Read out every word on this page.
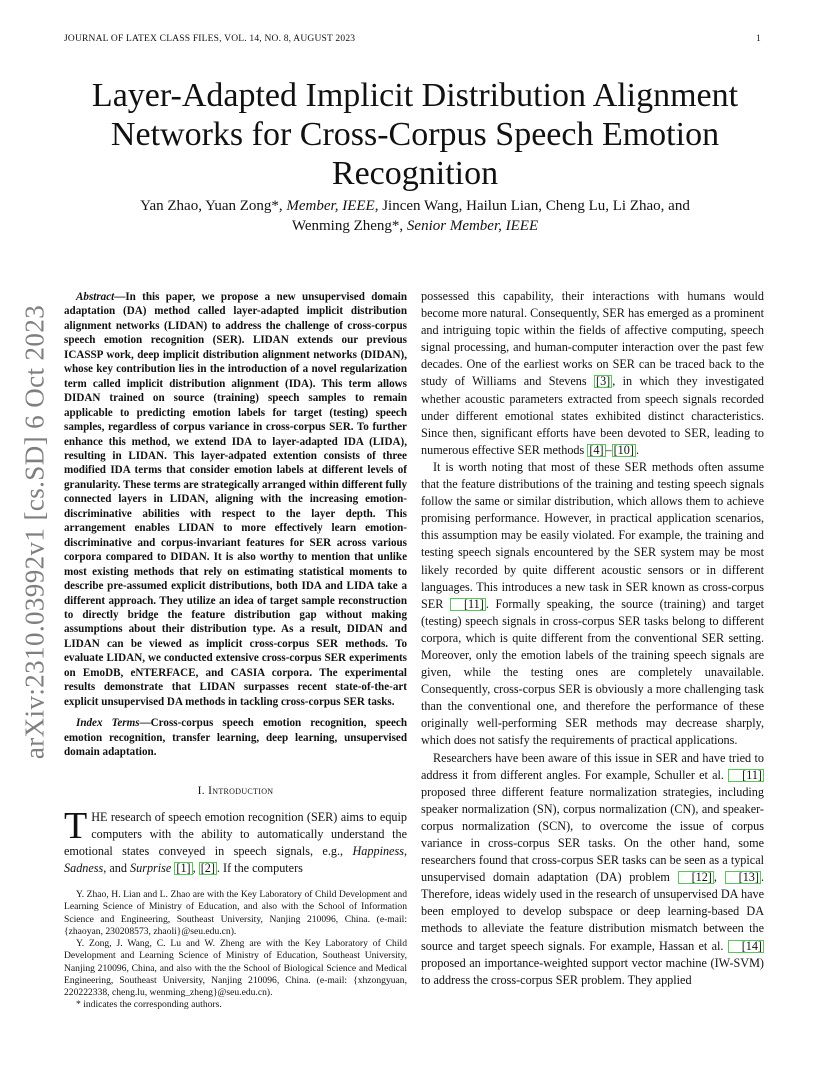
JOURNAL OF LATEX CLASS FILES, VOL. 14, NO. 8, AUGUST 2023	1
arXiv:2310.03992v1 [cs.SD] 6 Oct 2023
Layer-Adapted Implicit Distribution Alignment Networks for Cross-Corpus Speech Emotion Recognition
Yan Zhao, Yuan Zong*, Member, IEEE, Jincen Wang, Hailun Lian, Cheng Lu, Li Zhao, and
Wenming Zheng*, Senior Member, IEEE

Abstract—In this paper, we propose a new unsupervised domain adaptation (DA) method called layer-adapted implicit distribution alignment networks (LIDAN) to address the challenge of cross-corpus speech emotion recognition (SER). LIDAN extends our previous ICASSP work, deep implicit distribution alignment networks (DIDAN), whose key contribution lies in the introduction of a novel regularization term called implicit distribution alignment (IDA). This term allows DIDAN trained on source (training) speech samples to remain applicable to predicting emotion labels for target (testing) speech samples, regardless of corpus variance in cross-corpus SER. To further enhance this method, we extend IDA to layer-adapted IDA (LIDA), resulting in LIDAN. This layer-adpated extention consists of three modified IDA terms that consider emotion labels at different levels of granularity. These terms are strategically arranged within different fully connected layers in LIDAN, aligning with the increasing emotion-discriminative abilities with respect to the layer depth. This arrangement enables LIDAN to more effectively learn emotion-discriminative and corpus-invariant features for SER across various corpora compared to DIDAN. It is also worthy to mention that unlike most existing methods that rely on estimating statistical moments to describe pre-assumed explicit distributions, both IDA and LIDA take a different approach. They utilize an idea of target sample reconstruction to directly bridge the feature distribution gap without making assumptions about their distribution type. As a result, DIDAN and LIDAN can be viewed as implicit cross-corpus SER methods. To evaluate LIDAN, we conducted extensive cross-corpus SER experiments on EmoDB, eNTERFACE, and CASIA corpora. The experimental results demonstrate that LIDAN surpasses recent state-of-the-art explicit unsupervised DA methods in tackling cross-corpus SER tasks.

Index Terms—Cross-corpus speech emotion recognition, speech emotion recognition, transfer learning, deep learning, unsupervised domain adaptation.

I. Introduction

THE research of speech emotion recognition (SER) aims to equip computers with the ability to automatically understand the emotional states conveyed in speech signals, e.g., Happiness, Sadness, and Surprise [1] , [2] . If the computers

Y. Zhao, H. Lian and L. Zhao are with the Key Laboratory of Child Development and Learning Science of Ministry of Education, and also with the School of Information Science and Engineering, Southeast University, Nanjing 210096, China. (e-mail: {zhaoyan, 230208573, zhaoli}@seu.edu.cn).

Y. Zong, J. Wang, C. Lu and W. Zheng are with the Key Laboratory of Child Development and Learning Science of Ministry of Education, Southeast University, Nanjing 210096, China, and also with the the School of Biological Science and Medical Engineering, Southeast University, Nanjing 210096, China. (e-mail: {xhzongyuan, 220222338, cheng.lu, wenming_zheng}@seu.edu.cn).

* indicates the corresponding authors.

possessed this capability, their interactions with humans would become more natural. Consequently, SER has emerged as a prominent and intriguing topic within the fields of affective computing, speech signal processing, and human-computer interaction over the past few decades. One of the earliest works on SER can be traced back to the study of Williams and Stevens [3] , in which they investigated whether acoustic parameters extracted from speech signals recorded under different emotional states exhibited distinct characteristics. Since then, significant efforts have been devoted to SER, leading to numerous effective SER methods [4] – [10] .

It is worth noting that most of these SER methods often assume that the feature distributions of the training and testing speech signals follow the same or similar distribution, which allows them to achieve promising performance. However, in practical application scenarios, this assumption may be easily violated. For example, the training and testing speech signals encountered by the SER system may be most likely recorded by quite different acoustic sensors or in different languages. This introduces a new task in SER known as cross-corpus SER [11] . Formally speaking, the source (training) and target (testing) speech signals in cross-corpus SER tasks belong to different corpora, which is quite different from the conventional SER setting. Moreover, only the emotion labels of the training speech signals are given, while the testing ones are completely unavailable. Consequently, cross-corpus SER is obviously a more challenging task than the conventional one, and therefore the performance of these originally well-performing SER methods may decrease sharply, which does not satisfy the requirements of practical applications.

Researchers have been aware of this issue in SER and have tried to address it from different angles. For example, Schuller et al. [11] proposed three different feature normalization strategies, including speaker normalization (SN), corpus normalization (CN), and speaker-corpus normalization (SCN), to overcome the issue of corpus variance in cross-corpus SER tasks. On the other hand, some researchers found that cross-corpus SER tasks can be seen as a typical unsupervised domain adaptation (DA) problem [12] , [13] . Therefore, ideas widely used in the research of unsupervised DA have been employed to develop subspace or deep learning-based DA methods to alleviate the feature distribution mismatch between the source and target speech signals. For example, Hassan et al. [14] proposed an importance-weighted support vector machine (IW-SVM) to address the cross-corpus SER problem. They applied
